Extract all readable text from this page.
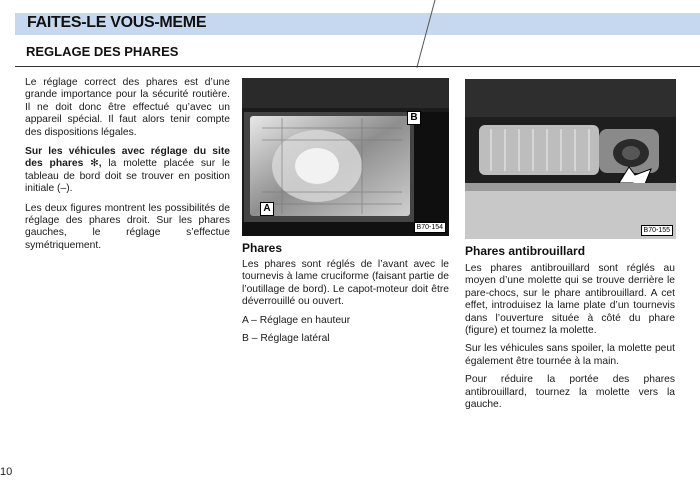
FAITES-LE VOUS-MEME
REGLAGE DES PHARES

Le réglage correct des phares est d’une grande importance pour la sécurité routière. Il ne doit donc être effectué qu’avec un appareil spécial. Il faut alors tenir compte des dispositions légales.

Sur les véhicules avec réglage du site des phares ✻, la molette placée sur le tableau de bord doit se trouver en position initiale (–).

Les deux figures montrent les possibilités de réglage des phares droit. Sur les phares gauches, le réglage s’effectue symétriquement.

B
A
B70-154	B70-155
Phares

Les phares sont réglés de l’avant avec le tournevis à lame cruciforme (faisant partie de l’outillage de bord). Le capot-moteur doit être déverrouillé ou ouvert.

A – Réglage en hauteur

B – Réglage latéral

Phares antibrouillard

Les phares antibrouillard sont réglés au moyen d’une molette qui se trouve derrière le pare-chocs, sur le phare antibrouillard. A cet effet, introduisez la lame plate d’un tournevis dans l’ouverture située à côté du phare (figure) et tournez la molette.

Sur les véhicules sans spoiler, la molette peut également être tournée à la main.

Pour réduire la portée des phares antibrouillard, tournez la molette vers la gauche.

10
